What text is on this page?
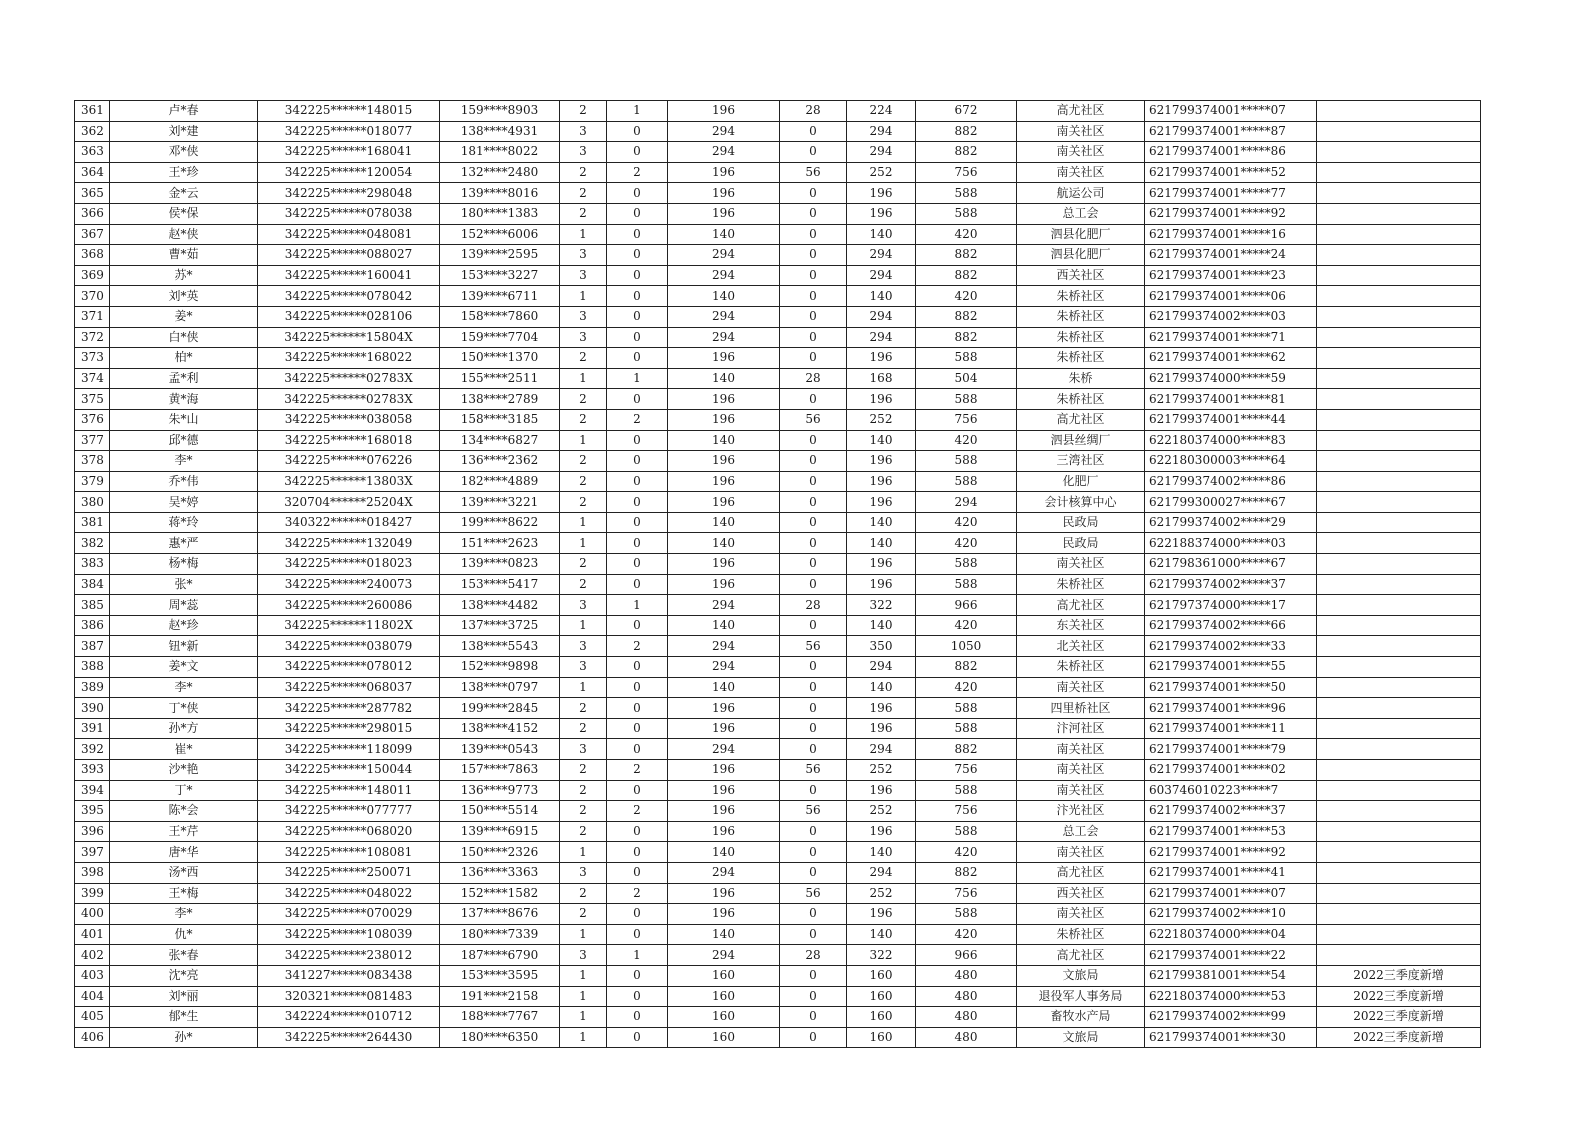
361	卢*春	342225******148015	159****8903	2	1	196	28	224	672	高尤社区	621799374001*****07	
362	刘*建	342225******018077	138****4931	3	0	294	0	294	882	南关社区	621799374001*****87	
363	邓*侠	342225******168041	181****8022	3	0	294	0	294	882	南关社区	621799374001*****86	
364	王*珍	342225******120054	132****2480	2	2	196	56	252	756	南关社区	621799374001*****52	
365	金*云	342225******298048	139****8016	2	0	196	0	196	588	航运公司	621799374001*****77	
366	侯*保	342225******078038	180****1383	2	0	196	0	196	588	总工会	621799374001*****92	
367	赵*侠	342225******048081	152****6006	1	0	140	0	140	420	泗县化肥厂	621799374001*****16	
368	曹*茹	342225******088027	139****2595	3	0	294	0	294	882	泗县化肥厂	621799374001*****24	
369	苏*	342225******160041	153****3227	3	0	294	0	294	882	西关社区	621799374001*****23	
370	刘*英	342225******078042	139****6711	1	0	140	0	140	420	朱桥社区	621799374001*****06	
371	姜*	342225******028106	158****7860	3	0	294	0	294	882	朱桥社区	621799374002*****03	
372	白*侠	342225******15804X	159****7704	3	0	294	0	294	882	朱桥社区	621799374001*****71	
373	柏*	342225******168022	150****1370	2	0	196	0	196	588	朱桥社区	621799374001*****62	
374	孟*利	342225******02783X	155****2511	1	1	140	28	168	504	朱桥	621799374000*****59	
375	黄*海	342225******02783X	138****2789	2	0	196	0	196	588	朱桥社区	621799374001*****81	
376	朱*山	342225******038058	158****3185	2	2	196	56	252	756	高尤社区	621799374001*****44	
377	邱*德	342225******168018	134****6827	1	0	140	0	140	420	泗县丝绸厂	622180374000*****83	
378	李*	342225******076226	136****2362	2	0	196	0	196	588	三湾社区	622180300003*****64	
379	乔*伟	342225******13803X	182****4889	2	0	196	0	196	588	化肥厂	621799374002*****86	
380	吴*婷	320704******25204X	139****3221	2	0	196	0	196	294	会计核算中心	621799300027*****67	
381	蒋*玲	340322******018427	199****8622	1	0	140	0	140	420	民政局	621799374002*****29	
382	惠*严	342225******132049	151****2623	1	0	140	0	140	420	民政局	622188374000*****03	
383	杨*梅	342225******018023	139****0823	2	0	196	0	196	588	南关社区	621798361000*****67	
384	张*	342225******240073	153****5417	2	0	196	0	196	588	朱桥社区	621799374002*****37	
385	周*蕊	342225******260086	138****4482	3	1	294	28	322	966	高尤社区	621797374000*****17	
386	赵*珍	342225******11802X	137****3725	1	0	140	0	140	420	东关社区	621799374002*****66	
387	钮*新	342225******038079	138****5543	3	2	294	56	350	1050	北关社区	621799374002*****33	
388	姜*文	342225******078012	152****9898	3	0	294	0	294	882	朱桥社区	621799374001*****55	
389	李*	342225******068037	138****0797	1	0	140	0	140	420	南关社区	621799374001*****50	
390	丁*侠	342225******287782	199****2845	2	0	196	0	196	588	四里桥社区	621799374001*****96	
391	孙*方	342225******298015	138****4152	2	0	196	0	196	588	汴河社区	621799374001*****11	
392	崔*	342225******118099	139****0543	3	0	294	0	294	882	南关社区	621799374001*****79	
393	沙*艳	342225******150044	157****7863	2	2	196	56	252	756	南关社区	621799374001*****02	
394	丁*	342225******148011	136****9773	2	0	196	0	196	588	南关社区	603746010223*****7	
395	陈*会	342225******077777	150****5514	2	2	196	56	252	756	汴光社区	621799374002*****37	
396	王*芹	342225******068020	139****6915	2	0	196	0	196	588	总工会	621799374001*****53	
397	唐*华	342225******108081	150****2326	1	0	140	0	140	420	南关社区	621799374001*****92	
398	汤*西	342225******250071	136****3363	3	0	294	0	294	882	高尤社区	621799374001*****41	
399	王*梅	342225******048022	152****1582	2	2	196	56	252	756	西关社区	621799374001*****07	
400	李*	342225******070029	137****8676	2	0	196	0	196	588	南关社区	621799374002*****10	
401	仇*	342225******108039	180****7339	1	0	140	0	140	420	朱桥社区	622180374000*****04	
402	张*春	342225******238012	187****6790	3	1	294	28	322	966	高尤社区	621799374001*****22	
403	沈*亮	341227******083438	153****3595	1	0	160	0	160	480	文旅局	621799381001*****54	2022三季度新增
404	刘*丽	320321******081483	191****2158	1	0	160	0	160	480	退役军人事务局	622180374000*****53	2022三季度新增
405	郁*生	342224******010712	188****7767	1	0	160	0	160	480	畜牧水产局	621799374002*****99	2022三季度新增
406	孙*	342225******264430	180****6350	1	0	160	0	160	480	文旅局	621799374001*****30	2022三季度新增
